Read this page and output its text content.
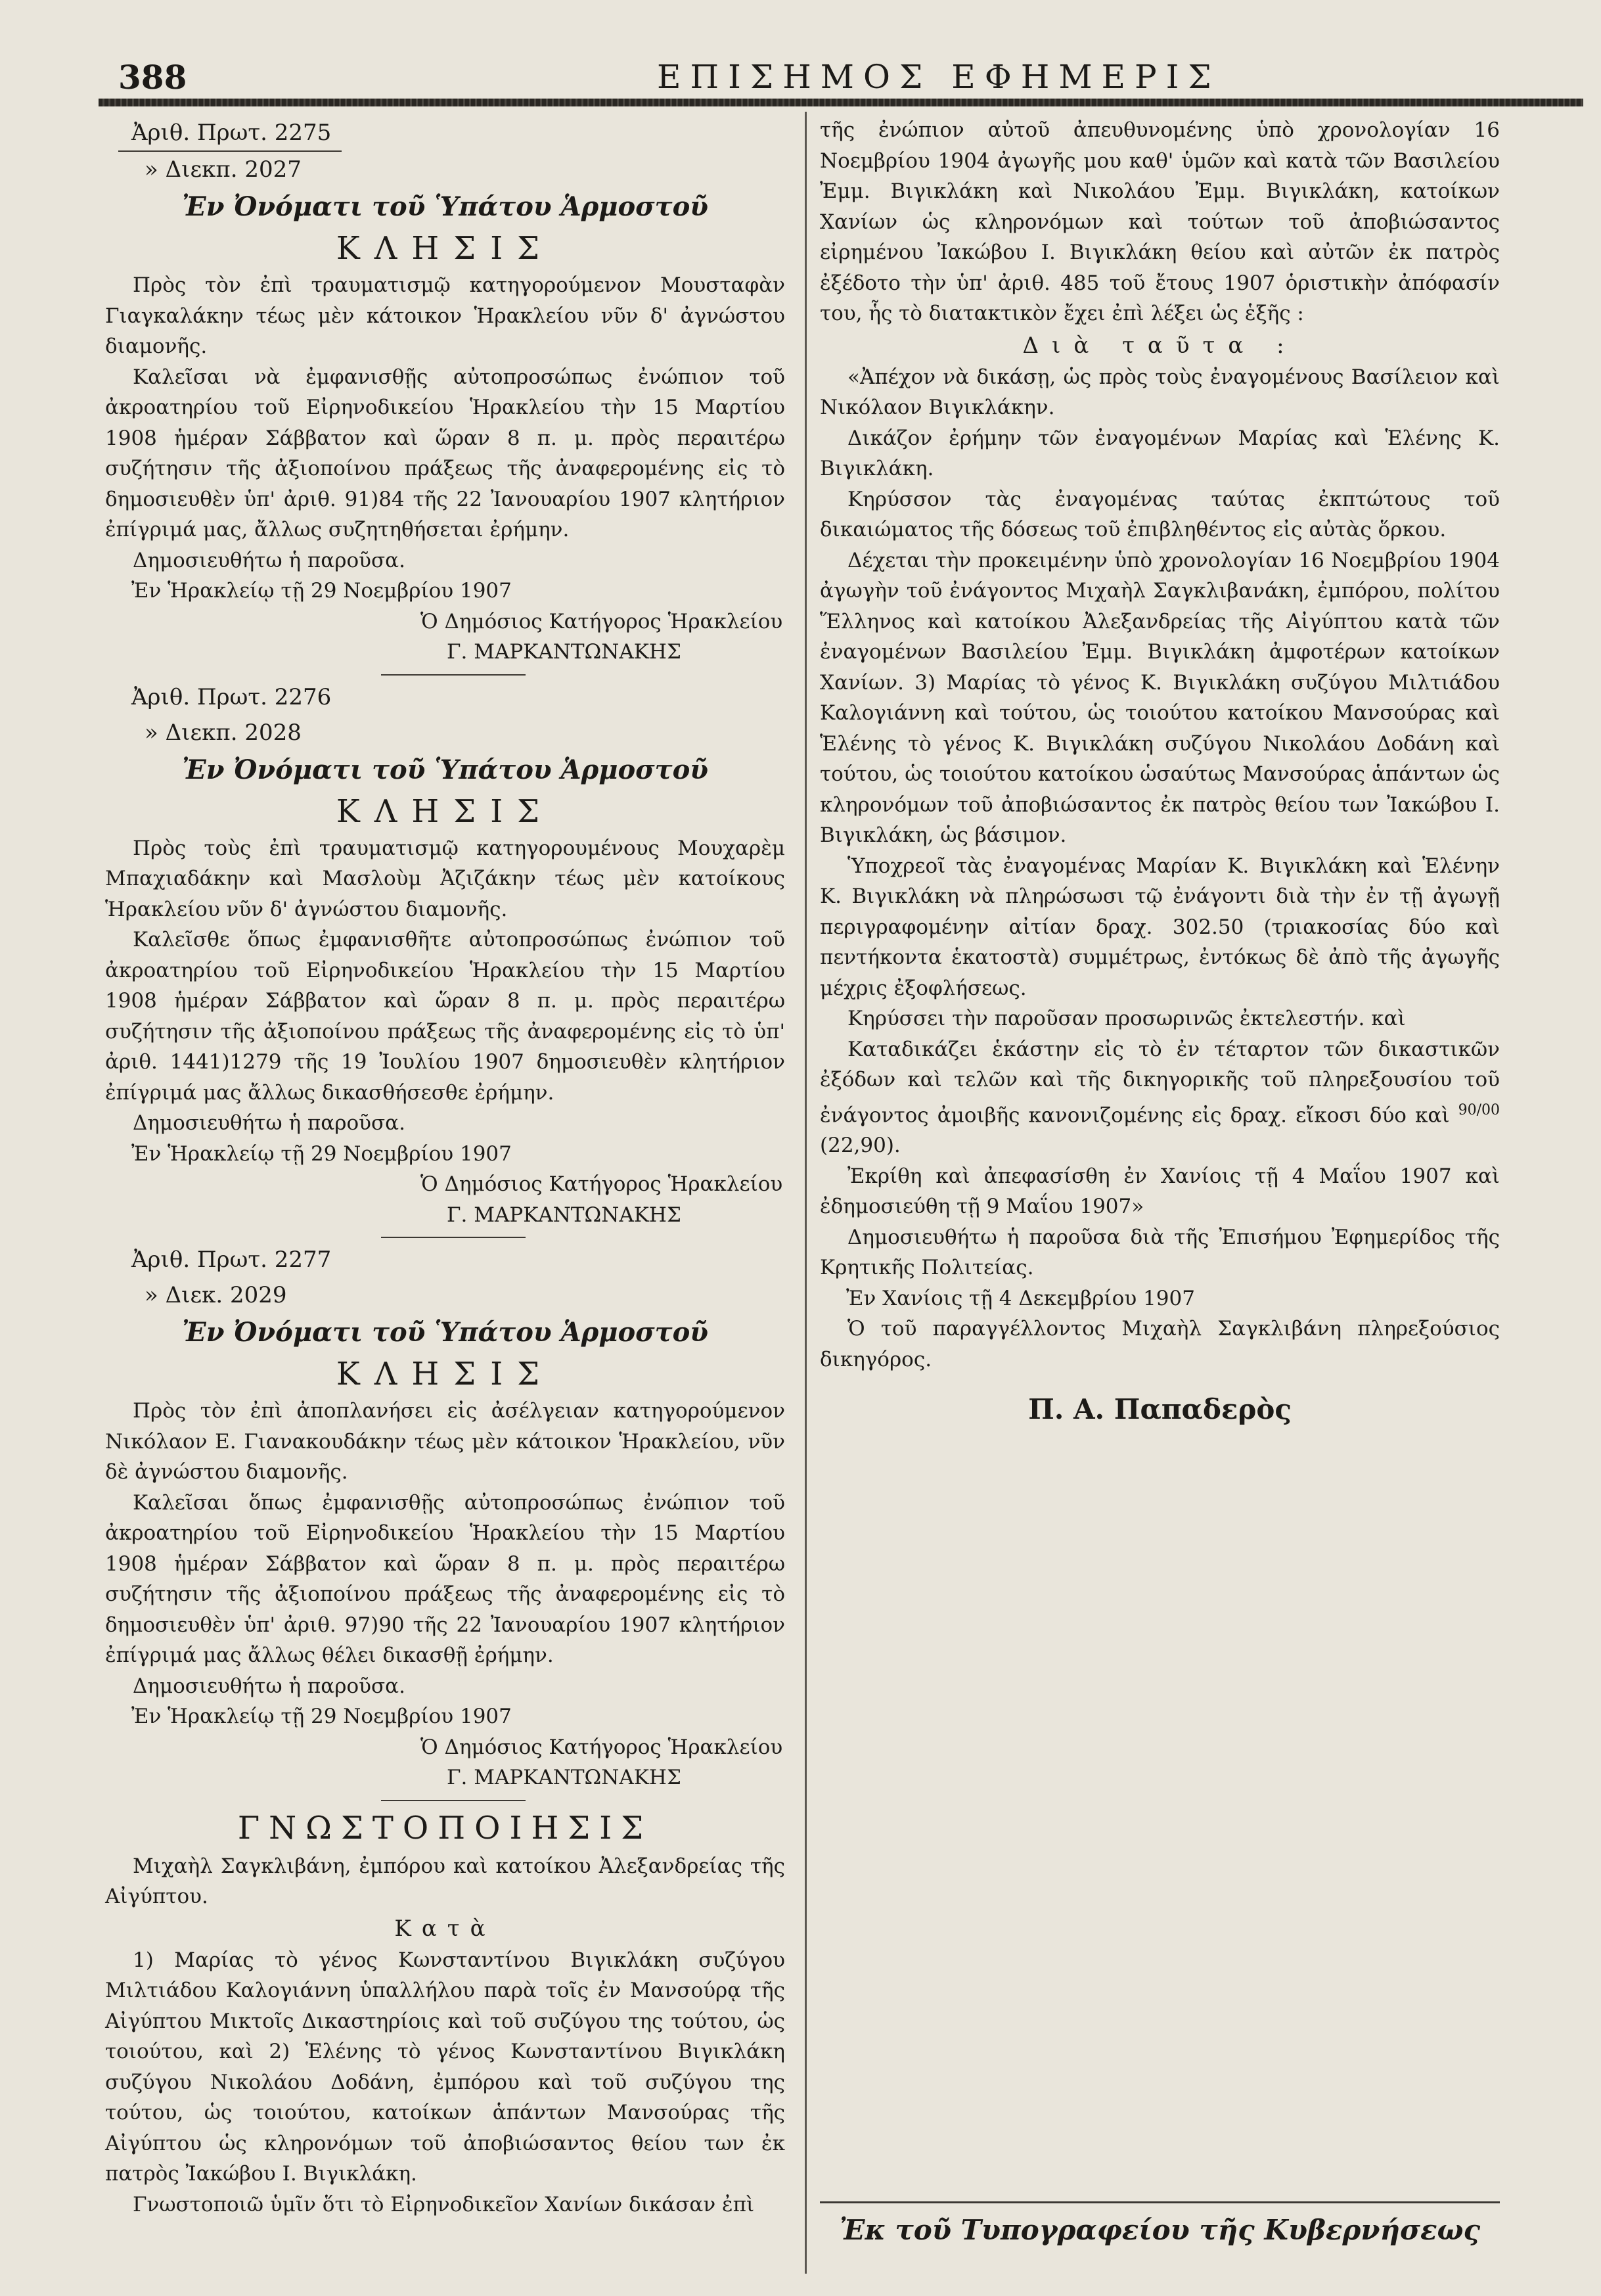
388	ΕΠΙΣΗΜΟΣ ΕΦΗΜΕΡΙΣ
Ἀριθ. Πρωτ. 2275
» Διεκπ. 2027
Ἐν Ὀνόματι τοῦ Ὑπάτου Ἁρμοστοῦ
ΚΛΗΣΙΣ

Πρὸς τὸν ἐπὶ τραυματισμῷ κατηγορούμενον Μουσταφὰν Γιαγκαλάκην τέως μὲν κάτοικον Ἡρακλείου νῦν δ' ἀγνώστου διαμονῆς.

Καλεῖσαι νὰ ἐμφανισθῇς αὐτοπροσώπως ἐνώπιον τοῦ ἀκροατηρίου τοῦ Εἰρηνοδικείου Ἡρακλείου τὴν 15 Μαρτίου 1908 ἡμέραν Σάββατον καὶ ὥραν 8 π. μ. πρὸς περαιτέρω συζήτησιν τῆς ἀξιοποίνου πράξεως τῆς ἀναφερομένης εἰς τὸ δημοσιευθὲν ὑπ' ἀριθ. 91)84 τῆς 22 Ἰανουαρίου 1907 κλητήριον ἐπίγριμά μας, ἄλλως συζητηθήσεται ἐρήμην.

Δημοσιευθήτω ἡ παροῦσα.

Ἐν Ἡρακλείῳ τῇ 29 Νοεμβρίου 1907
Ὁ Δημόσιος Κατήγορος Ἡρακλείου
Γ. ΜΑΡΚΑΝΤΩΝΑΚΗΣ
Ἀριθ. Πρωτ. 2276
» Διεκπ. 2028
Ἐν Ὀνόματι τοῦ Ὑπάτου Ἁρμοστοῦ
ΚΛΗΣΙΣ

Πρὸς τοὺς ἐπὶ τραυματισμῷ κατηγορουμένους Μουχαρὲμ Μπαχιαδάκην καὶ Μασλοὺμ Ἀζιζάκην τέως μὲν κατοίκους Ἡρακλείου νῦν δ' ἀγνώστου διαμονῆς.

Καλεῖσθε ὅπως ἐμφανισθῆτε αὐτοπροσώπως ἐνώπιον τοῦ ἀκροατηρίου τοῦ Εἰρηνοδικείου Ἡρακλείου τὴν 15 Μαρτίου 1908 ἡμέραν Σάββατον καὶ ὥραν 8 π. μ. πρὸς περαιτέρω συζήτησιν τῆς ἀξιοποίνου πράξεως τῆς ἀναφερομένης εἰς τὸ ὑπ' ἀριθ. 1441)1279 τῆς 19 Ἰουλίου 1907 δημοσιευθὲν κλητήριον ἐπίγριμά μας ἄλλως δικασθήσεσθε ἐρήμην.

Δημοσιευθήτω ἡ παροῦσα.

Ἐν Ἡρακλείῳ τῇ 29 Νοεμβρίου 1907
Ὁ Δημόσιος Κατήγορος Ἡρακλείου
Γ. ΜΑΡΚΑΝΤΩΝΑΚΗΣ
Ἀριθ. Πρωτ. 2277
» Διεκ. 2029
Ἐν Ὀνόματι τοῦ Ὑπάτου Ἁρμοστοῦ
ΚΛΗΣΙΣ

Πρὸς τὸν ἐπὶ ἀποπλανήσει εἰς ἀσέλγειαν κατηγορούμενον Νικόλαον Ε. Γιανακουδάκην τέως μὲν κάτοικον Ἡρακλείου, νῦν δὲ ἀγνώστου διαμονῆς.

Καλεῖσαι ὅπως ἐμφανισθῇς αὐτοπροσώπως ἐνώπιον τοῦ ἀκροατηρίου τοῦ Εἰρηνοδικείου Ἡρακλείου τὴν 15 Μαρτίου 1908 ἡμέραν Σάββατον καὶ ὥραν 8 π. μ. πρὸς περαιτέρω συζήτησιν τῆς ἀξιοποίνου πράξεως τῆς ἀναφερομένης εἰς τὸ δημοσιευθὲν ὑπ' ἀριθ. 97)90 τῆς 22 Ἰανουαρίου 1907 κλητήριον ἐπίγριμά μας ἄλλως θέλει δικασθῇ ἐρήμην.

Δημοσιευθήτω ἡ παροῦσα.

Ἐν Ἡρακλείῳ τῇ 29 Νοεμβρίου 1907
Ὁ Δημόσιος Κατήγορος Ἡρακλείου
Γ. ΜΑΡΚΑΝΤΩΝΑΚΗΣ
ΓΝΩΣΤΟΠΟΙΗΣΙΣ

Μιχαὴλ Σαγκλιβάνη, ἐμπόρου καὶ κατοίκου Ἀλεξανδρείας τῆς Αἰγύπτου.

Κατὰ

1) Μαρίας τὸ γένος Κωνσταντίνου Βιγικλάκη συζύγου Μιλτιάδου Καλογιάννη ὑπαλλήλου παρὰ τοῖς ἐν Μανσούρᾳ τῆς Αἰγύπτου Μικτοῖς Δικαστηρίοις καὶ τοῦ συζύγου της τούτου, ὡς τοιούτου, καὶ 2) Ἑλένης τὸ γένος Κωνσταντίνου Βιγικλάκη συζύγου Νικολάου Δοδάνη, ἐμπόρου καὶ τοῦ συζύγου της τούτου, ὡς τοιούτου, κατοίκων ἁπάντων Μανσούρας τῆς Αἰγύπτου ὡς κληρονόμων τοῦ ἀποβιώσαντος θείου των ἐκ πατρὸς Ἰακώβου Ι. Βιγικλάκη.

Γνωστοποιῶ ὑμῖν ὅτι τὸ Εἰρηνοδικεῖον Χανίων δικάσαν ἐπὶ

τῆς ἐνώπιον αὐτοῦ ἀπευθυνομένης ὑπὸ χρονολογίαν 16 Νοεμβρίου 1904 ἀγωγῆς μου καθ' ὑμῶν καὶ κατὰ τῶν Βασιλείου Ἐμμ. Βιγικλάκη καὶ Νικολάου Ἐμμ. Βιγικλάκη, κατοίκων Χανίων ὡς κληρονόμων καὶ τούτων τοῦ ἀποβιώσαντος εἰρημένου Ἰακώβου Ι. Βιγικλάκη θείου καὶ αὐτῶν ἐκ πατρὸς ἐξέδοτο τὴν ὑπ' ἀριθ. 485 τοῦ ἔτους 1907 ὁριστικὴν ἀπόφασίν του, ἧς τὸ διατακτικὸν ἔχει ἐπὶ λέξει ὡς ἑξῆς :

Διὰ ταῦτα :

«Ἀπέχον νὰ δικάσῃ, ὡς πρὸς τοὺς ἐναγομένους Βασίλειον καὶ Νικόλαον Βιγικλάκην.

Δικάζον ἐρήμην τῶν ἐναγομένων Μαρίας καὶ Ἑλένης Κ. Βιγικλάκη.

Κηρύσσον τὰς ἐναγομένας ταύτας ἐκπτώτους τοῦ δικαιώματος τῆς δόσεως τοῦ ἐπιβληθέντος εἰς αὐτὰς ὅρκου.

Δέχεται τὴν προκειμένην ὑπὸ χρονολογίαν 16 Νοεμβρίου 1904 ἀγωγὴν τοῦ ἐνάγοντος Μιχαὴλ Σαγκλιβανάκη, ἐμπόρου, πολίτου Ἕλληνος καὶ κατοίκου Ἀλεξανδρείας τῆς Αἰγύπτου κατὰ τῶν ἐναγομένων Βασιλείου Ἐμμ. Βιγικλάκη ἀμφοτέρων κατοίκων Χανίων. 3) Μαρίας τὸ γένος Κ. Βιγικλάκη συζύγου Μιλτιάδου Καλογιάννη καὶ τούτου, ὡς τοιούτου κατοίκου Μανσούρας καὶ Ἑλένης τὸ γένος Κ. Βιγικλάκη συζύγου Νικολάου Δοδάνη καὶ τούτου, ὡς τοιούτου κατοίκου ὡσαύτως Μανσούρας ἁπάντων ὡς κληρονόμων τοῦ ἀποβιώσαντος ἐκ πατρὸς θείου των Ἰακώβου Ι. Βιγικλάκη, ὡς βάσιμον.

Ὑποχρεοῖ τὰς ἐναγομένας Μαρίαν Κ. Βιγικλάκη καὶ Ἑλένην Κ. Βιγικλάκη νὰ πληρώσωσι τῷ ἐνάγοντι διὰ τὴν ἐν τῇ ἀγωγῇ περιγραφομένην αἰτίαν δραχ. 302.50 (τριακοσίας δύο καὶ πεντήκοντα ἑκατοστὰ) συμμέτρως, ἐντόκως δὲ ἀπὸ τῆς ἀγωγῆς μέχρις ἐξοφλήσεως.

Κηρύσσει τὴν παροῦσαν προσωρινῶς ἐκτελεστήν. καὶ

Καταδικάζει ἑκάστην εἰς τὸ ἐν τέταρτον τῶν δικαστικῶν ἐξόδων καὶ τελῶν καὶ τῆς δικηγορικῆς τοῦ πληρεξουσίου τοῦ ἐνάγοντος ἀμοιβῆς κανονιζομένης εἰς δραχ. εἴκοσι δύο καὶ $^{90/00}$ (22,90).

Ἐκρίθη καὶ ἀπεφασίσθη ἐν Χανίοις τῇ 4 Μαΐου 1907 καὶ ἐδημοσιεύθη τῇ 9 Μαΐου 1907»

Δημοσιευθήτω ἡ παροῦσα διὰ τῆς Ἐπισήμου Ἐφημερίδος τῆς Κρητικῆς Πολιτείας.

Ἐν Χανίοις τῇ 4 Δεκεμβρίου 1907

Ὁ τοῦ παραγγέλλοντος Μιχαὴλ Σαγκλιβάνη πληρεξούσιος δικηγόρος.

Π. Α. Παπαδερὸς
Ἐκ τοῦ Τυπογραφείου τῆς Κυβερνήσεως
